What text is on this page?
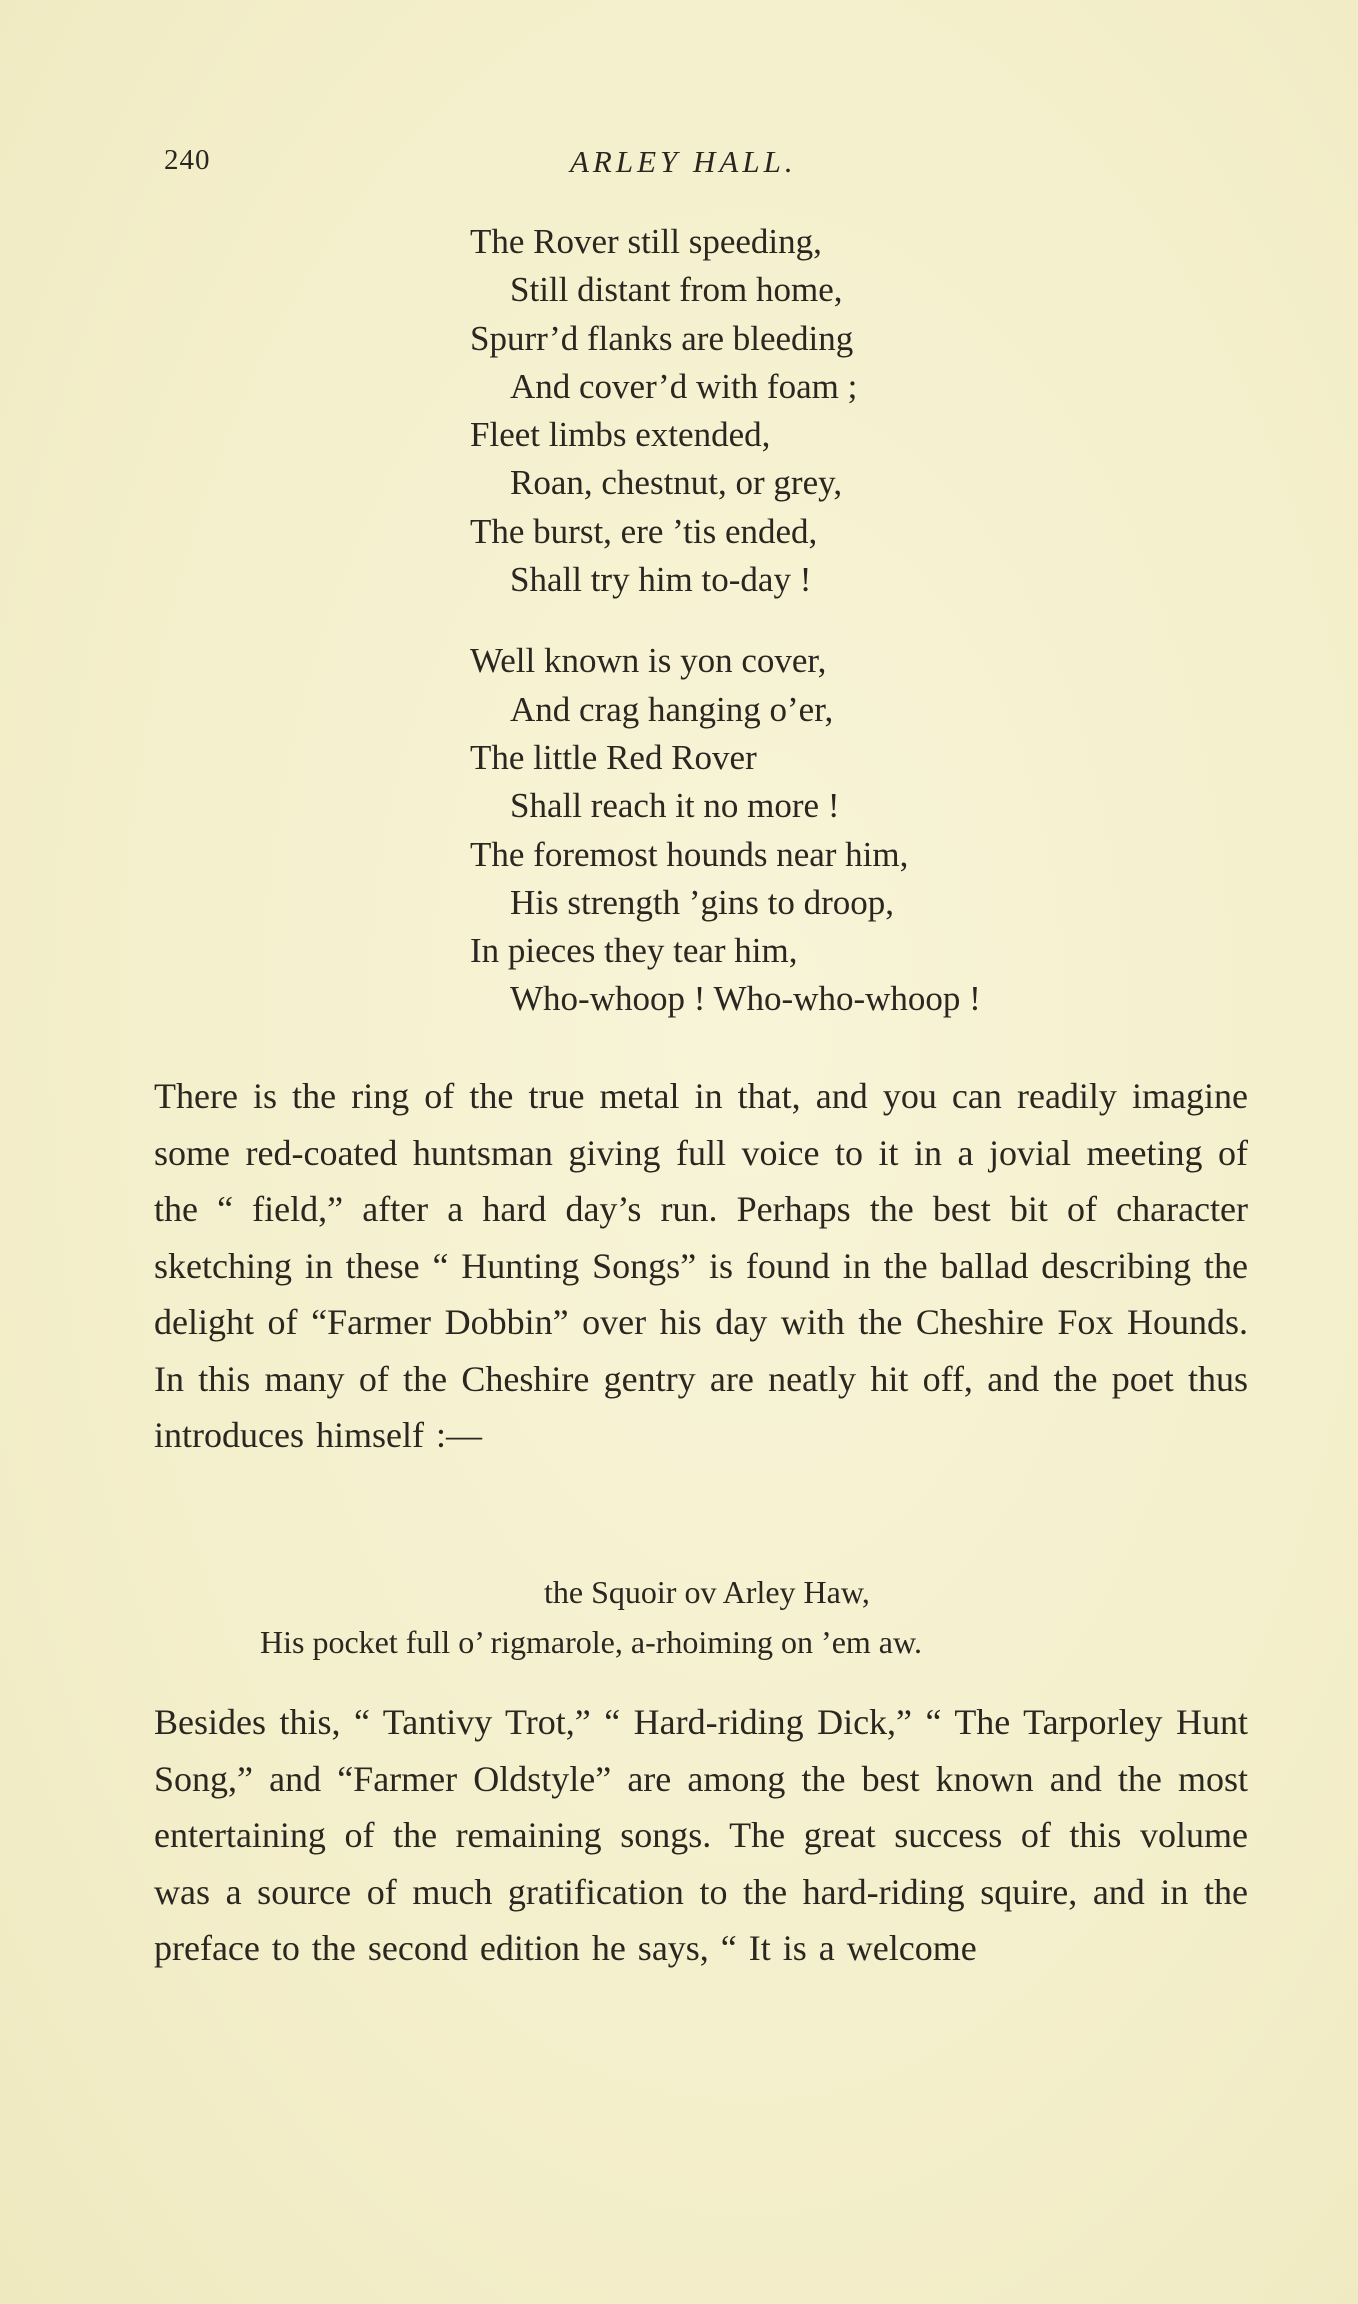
240	ARLEY HALL.
The Rover still speeding,
Still distant from home,
Spurr’d flanks are bleeding
And cover’d with foam ;
Fleet limbs extended,
Roan, chestnut, or grey,
The burst, ere ’tis ended,
Shall try him to-day !
Well known is yon cover,
And crag hanging o’er,
The little Red Rover
Shall reach it no more !
The foremost hounds near him,
His strength ’gins to droop,
In pieces they tear him,
Who-whoop ! Who-who-whoop !

There is the ring of the true metal in that, and you can readily imagine some red-coated huntsman giving full voice to it in a jovial meeting of the “ field,” after a hard day’s run. Perhaps the best bit of character sketching in these “ Hunting Songs” is found in the ballad describing the delight of “Farmer Dobbin” over his day with the Cheshire Fox Hounds. In this many of the Cheshire gentry are neatly hit off, and the poet thus introduces himself :—

the Squoir ov Arley Haw,
His pocket full o’ rigmarole, a-rhoiming on ’em aw.

Besides this, “ Tantivy Trot,” “ Hard-riding Dick,” “ The Tarporley Hunt Song,” and “Farmer Oldstyle” are among the best known and the most entertaining of the remaining songs. The great success of this volume was a source of much gratification to the hard-riding squire, and in the preface to the second edition he says, “ It is a welcome
